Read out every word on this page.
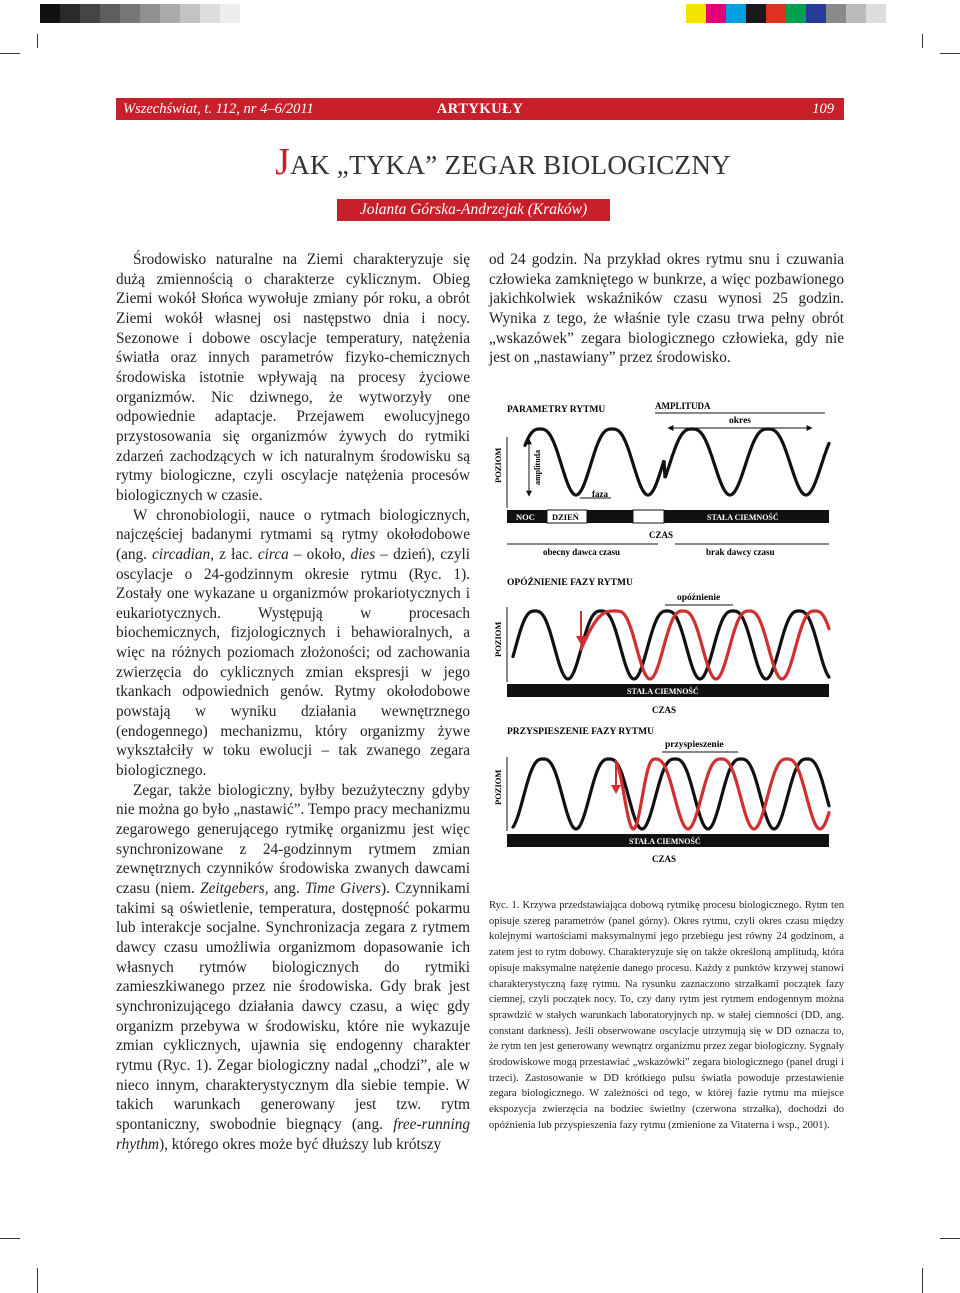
Wszechświat, t. 112, nr 4–6/2011	ARTYKUŁY	109
JAK „TYKA” ZEGAR BIOLOGICZNY
Jolanta Górska-Andrzejak (Kraków)

Środowisko naturalne na Ziemi charakteryzuje się dużą zmiennością o charakterze cyklicznym. Obieg Ziemi wokół Słońca wywołuje zmiany pór roku, a obrót Ziemi wokół własnej osi następstwo dnia i nocy. Sezonowe i dobowe oscylacje temperatury, natężenia światła oraz innych parametrów fizyko-chemicznych środowiska istotnie wpływają na procesy życiowe organizmów. Nic dziwnego, że wytworzyły one odpowiednie adaptacje. Przejawem ewolucyjnego przystosowania się organizmów żywych do rytmiki zdarzeń zachodzących w ich naturalnym środowisku są rytmy biologiczne, czyli oscylacje natężenia procesów biologicznych w czasie.

W chronobiologii, nauce o rytmach biologicznych, najczęściej badanymi rytmami są rytmy okołodobowe (ang. circadian, z łac. circa – około, dies – dzień), czyli oscylacje o 24-godzinnym okresie rytmu (Ryc. 1). Zostały one wykazane u organizmów prokariotycznych i eukariotycznych. Występują w procesach biochemicznych, fizjologicznych i behawioralnych, a więc na różnych poziomach złożoności; od zachowania zwierzęcia do cyklicznych zmian ekspresji w jego tkankach odpowiednich genów. Rytmy okołodobowe powstają w wyniku działania wewnętrznego (endogennego) mechanizmu, który organizmy żywe wykształciły w toku ewolucji – tak zwanego zegara biologicznego.

Zegar, także biologiczny, byłby bezużyteczny gdyby nie można go było „nastawić”. Tempo pracy mechanizmu zegarowego generującego rytmikę organizmu jest więc synchronizowane z 24-godzinnym rytmem zmian zewnętrznych czynników środowiska zwanych dawcami czasu (niem. Zeitgebers, ang. Time Givers). Czynnikami takimi są oświetlenie, temperatura, dostępność pokarmu lub interakcje socjalne. Synchronizacja zegara z rytmem dawcy czasu umożliwia organizmom dopasowanie ich własnych rytmów biologicznych do rytmiki zamieszkiwanego przez nie środowiska. Gdy brak jest synchronizującego działania dawcy czasu, a więc gdy organizm przebywa w środowisku, które nie wykazuje zmian cyklicznych, ujawnia się endogenny charakter rytmu (Ryc. 1). Zegar biologiczny nadal „chodzi”, ale w nieco innym, charakterystycznym dla siebie tempie. W takich warunkach generowany jest tzw. rytm spontaniczny, swobodnie biegnący (ang. free-running rhythm), którego okres może być dłuższy lub krótszy

od 24 godzin. Na przykład okres rytmu snu i czuwania człowieka zamkniętego w bunkrze, a więc pozbawionego jakichkolwiek wskaźników czasu wynosi 25 godzin. Wynika z tego, że właśnie tyle czasu trwa pełny obrót „wskazówek” zegara biologicznego człowieka, gdy nie jest on „nastawiany” przez środowisko.

PARAMETRY RYTMU	AMPLITUDA
okres
POZIOM	amplituda
faza
NOC DZIEŃ	STAŁA CIEMNOŚĆ
CZAS
obecny dawca czasu	brak dawcy czasu
OPÓŹNIENIE FAZY RYTMU
opóźnienie
POZIOM
STAŁA CIEMNOŚĆ
CZAS
PRZYSPIESZENIE FAZY RYTMU
przyspieszenie
POZIOM
STAŁA CIEMNOŚĆ
CZAS
Ryc. 1. Krzywa przedstawiająca dobową rytmikę procesu biologicznego. Rytm ten opisuje szereg parametrów (panel górny). Okres rytmu, czyli okres czasu między kolejnymi wartościami maksymalnymi jego przebiegu jest równy 24 godzinom, a zatem jest to rytm dobowy. Charakteryzuje się on także określoną amplitudą, która opisuje maksymalne natężenie danego procesu. Każdy z punktów krzywej stanowi charakterystyczną fazę rytmu. Na rysunku zaznaczono strzałkami początek fazy ciemnej, czyli początek nocy. To, czy dany rytm jest rytmem endogennym można sprawdzić w stałych warunkach laboratoryjnych np. w stałej ciemności (DD, ang. constant darkness). Jeśli obserwowane oscylacje utrzymują się w DD oznacza to, że rytm ten jest generowany wewnątrz organizmu przez zegar biologiczny. Sygnały środowiskowe mogą przestawiać „wskazówki” zegara biologicznego (panel drugi i trzeci). Zastosowanie w DD krótkiego pulsu światła powoduje przestawienie zegara biologicznego. W zależności od tego, w której fazie rytmu ma miejsce ekspozycja zwierzęcia na bodziec świetlny (czerwona strzałka), dochodzi do opóźnienia lub przyspieszenia fazy rytmu (zmienione za Vitaterna i wsp., 2001).
